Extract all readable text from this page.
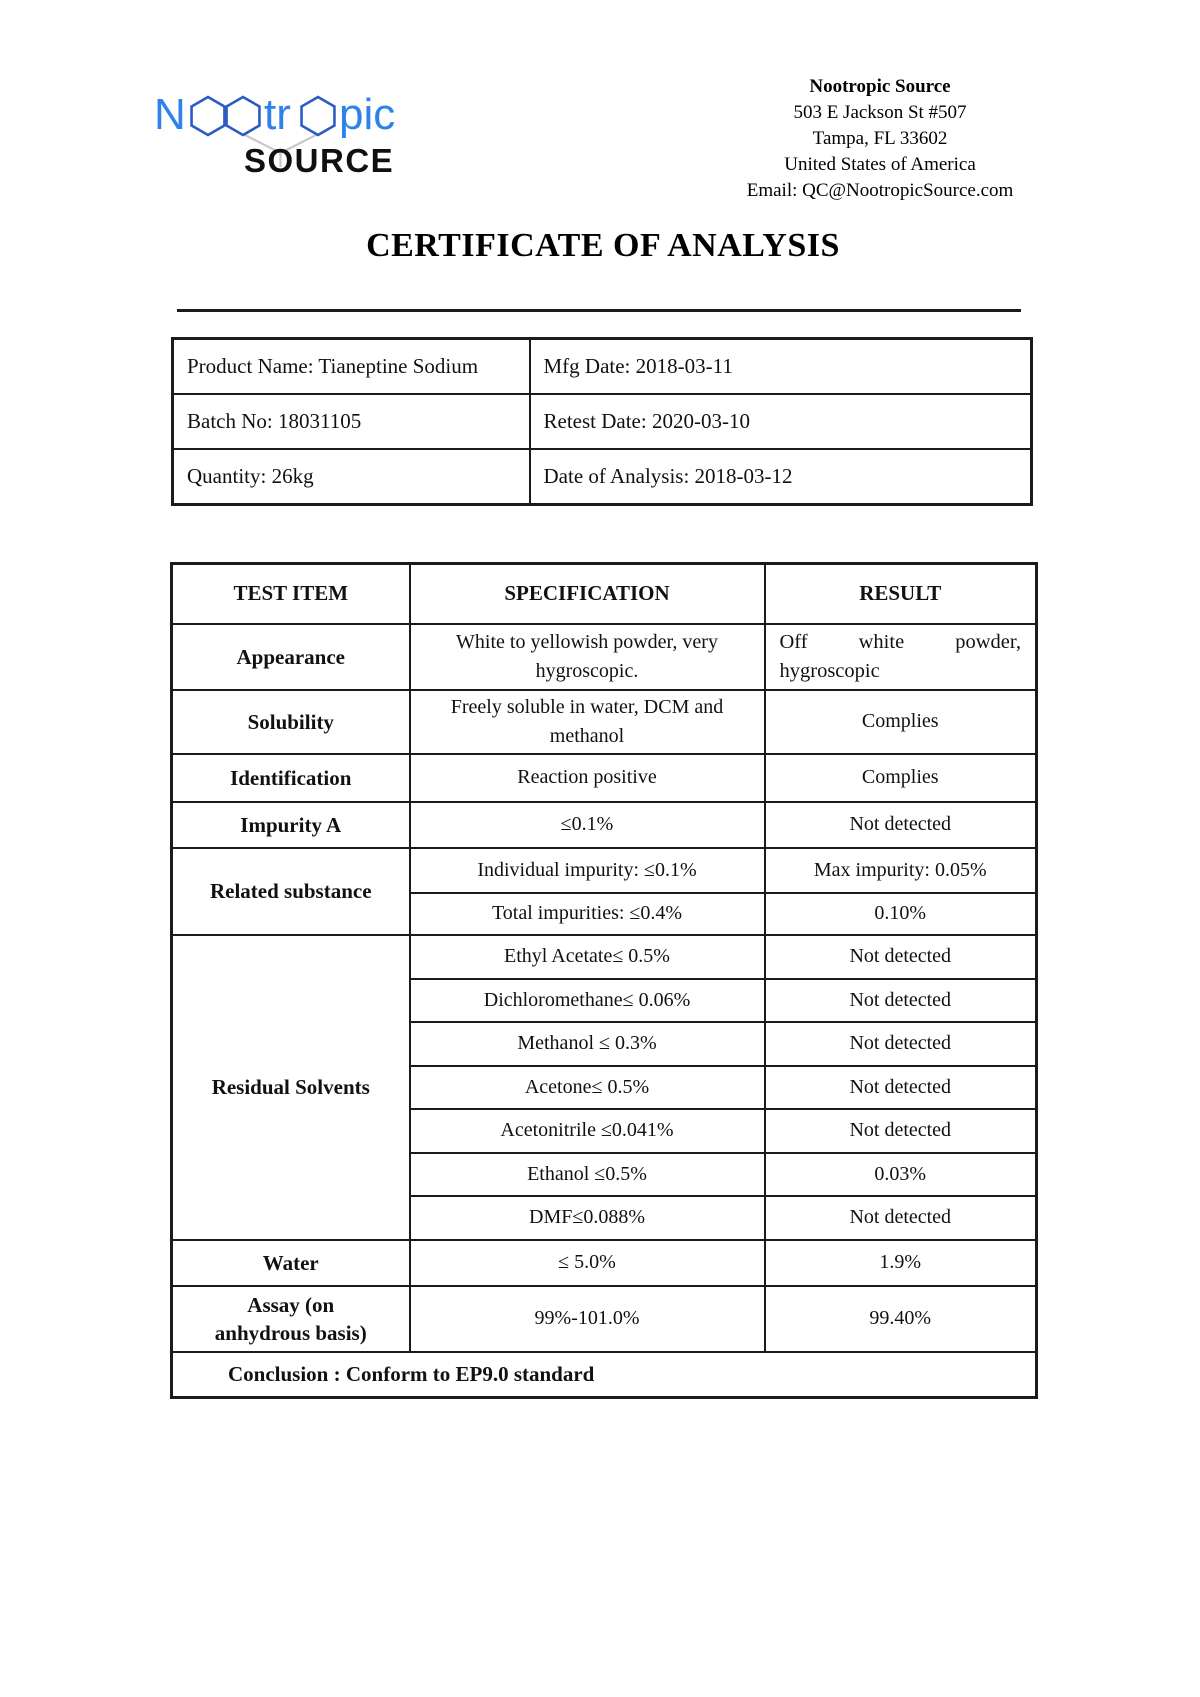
N tr pic
SOURCE
Nootropic Source
503 E Jackson St #507
Tampa, FL 33602
United States of America
Email: QC@NootropicSource.com
CERTIFICATE OF ANALYSIS
Product Name: Tianeptine Sodium	Mfg Date: 2018-03-11
Batch No: 18031105	Retest Date: 2020-03-10
Quantity: 26kg	Date of Analysis: 2018-03-12
TEST ITEM	SPECIFICATION	RESULT
Appearance	White to yellowish powder, very hygroscopic.	Off white powder, hygroscopic
Solubility	Freely soluble in water, DCM and methanol	Complies
Identification	Reaction positive	Complies
Impurity A	≤0.1%	Not detected
Related substance	Individual impurity: ≤0.1%	Max impurity: 0.05%
	Total impurities: ≤0.4%	0.10%
Residual Solvents	Ethyl Acetate≤ 0.5%	Not detected
	Dichloromethane≤ 0.06%	Not detected
	Methanol ≤ 0.3%	Not detected
	Acetone≤ 0.5%	Not detected
	Acetonitrile ≤0.041%	Not detected
	Ethanol ≤0.5%	0.03%
	DMF≤0.088%	Not detected
Water	≤ 5.0%	1.9%

Assay (on
anhydrous basis)	99%-101.0%	99.40%
Conclusion : Conform to EP9.0 standard		
